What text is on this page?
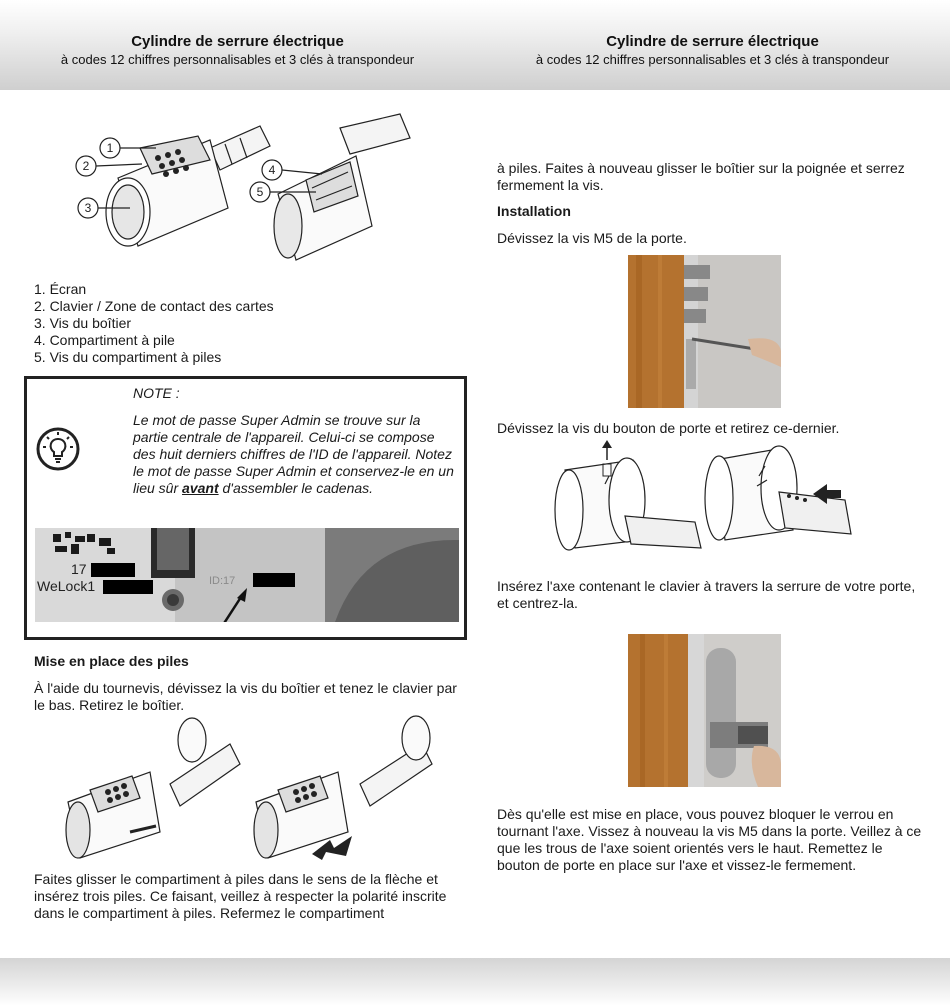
Cylindre de serrure électrique
à codes 12 chiffres personnalisables et 3 clés à transpondeur
Cylindre de serrure électrique
à codes 12 chiffres personnalisables et 3 clés à transpondeur
1
2
3
4
5
1. Écran
2. Clavier / Zone de contact des cartes
3. Vis du boîtier
4. Compartiment à pile
5. Vis du compartiment à piles
NOTE :
Le mot de passe Super Admin se trouve sur la partie centrale de l'appareil. Celui-ci se compose des huit derniers chiffres de l'ID de l'appareil. Notez le mot de passe Super Admin et conservez-le en un lieu sûr avant d'assembler le cadenas.
17
WeLock1	ID:17
Mise en place des piles
À l'aide du tournevis, dévissez la vis du boîtier et tenez le clavier par le bas. Retirez le boîtier.
Faites glisser le compartiment à piles dans le sens de la flèche et insérez trois piles. Ce faisant, veillez à respecter la polarité inscrite dans le compartiment à piles. Refermez le compartiment
à piles. Faites à nouveau glisser le boîtier sur la poignée et serrez fermement la vis.
Installation
Dévissez la vis M5 de la porte.
Dévissez la vis du bouton de porte et retirez ce-dernier.
Insérez l'axe contenant le clavier à travers la serrure de votre porte, et centrez-la.
Dès qu'elle est mise en place, vous pouvez bloquer le verrou en tournant l'axe. Vissez à nouveau la vis M5 dans la porte. Veillez à ce que les trous de l'axe soient orientés vers le haut. Remettez le bouton de porte en place sur l'axe et vissez-le fermement.
